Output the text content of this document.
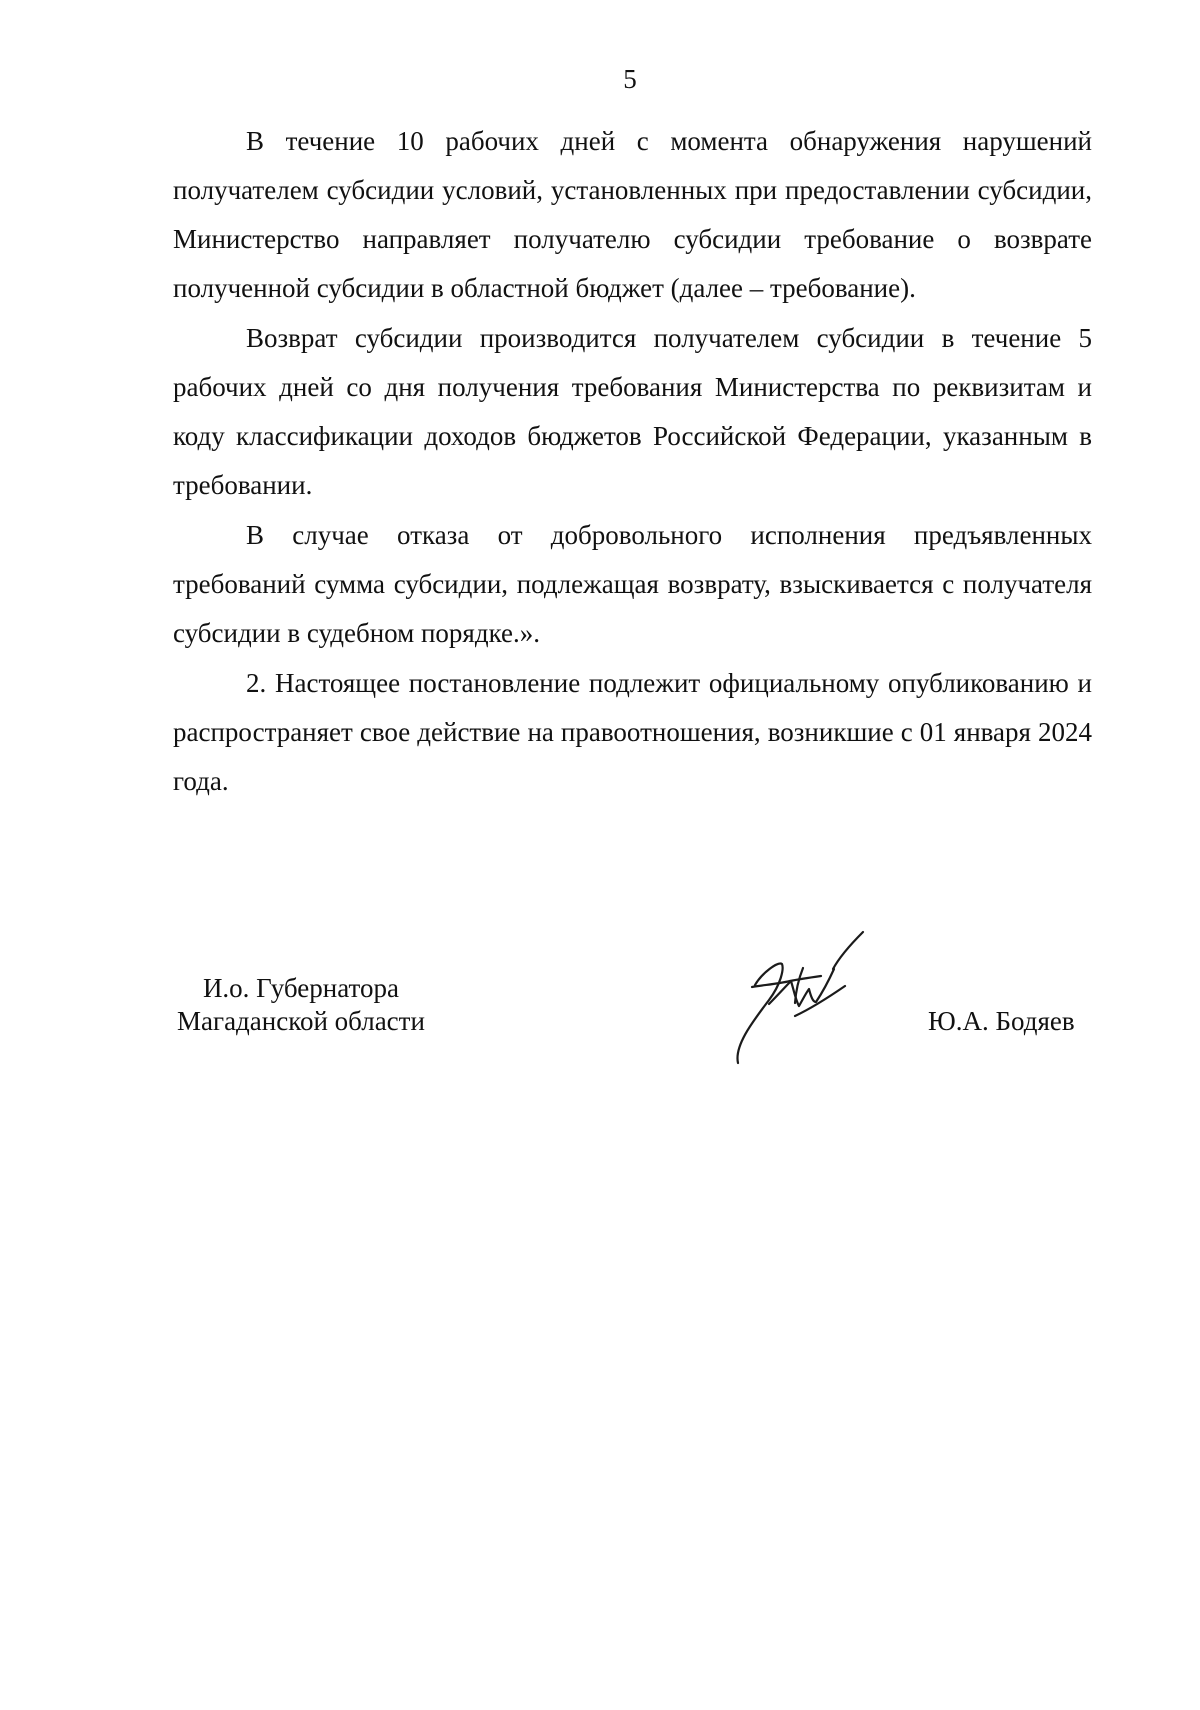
5

В течение 10 рабочих дней с момента обнаружения нарушений получателем субсидии условий, установленных при предоставлении субсидии, Министерство направляет получателю субсидии требование о возврате полученной субсидии в областной бюджет (далее – требование).

Возврат субсидии производится получателем субсидии в течение 5 рабочих дней со дня получения требования Министерства по реквизитам и коду классификации доходов бюджетов Российской Федерации, указанным в требовании.

В случае отказа от добровольного исполнения предъявленных требований сумма субсидии, подлежащая возврату, взыскивается с получателя субсидии в судебном порядке.».

2. Настоящее постановление подлежит официальному опубликованию и распространяет свое действие на правоотношения, возникшие с 01 января 2024 года.

И.о. Губернатора
Магаданской области	Ю.А. Бодяев
